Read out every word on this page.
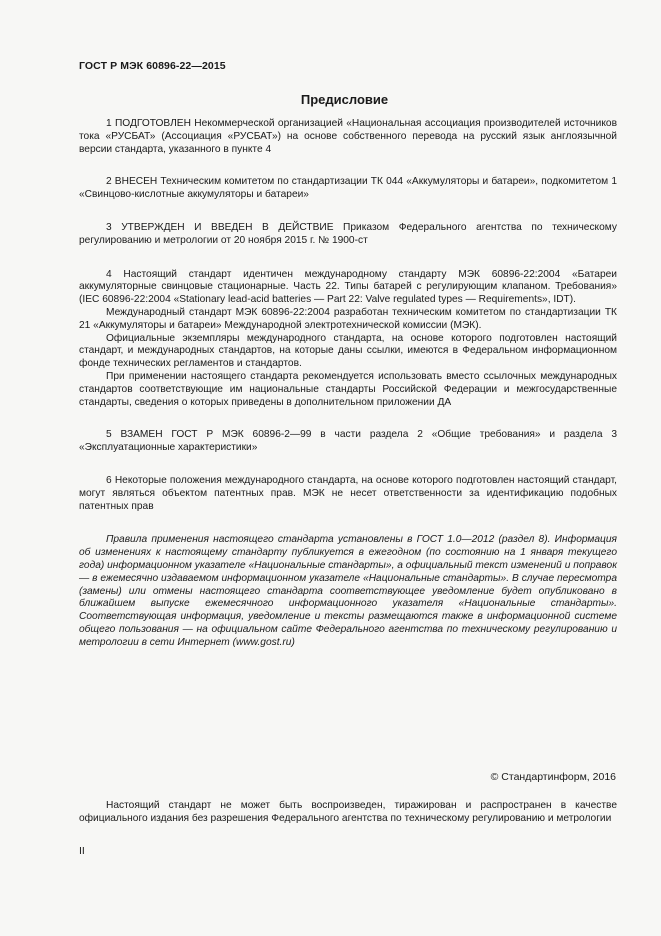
ГОСТ Р МЭК 60896-22—2015
Предисловие

1 ПОДГОТОВЛЕН Некоммерческой организацией «Национальная ассоциация производителей источников тока «РУСБАТ» (Ассоциация «РУСБАТ») на основе собственного перевода на русский язык англоязычной версии стандарта, указанного в пункте 4

2 ВНЕСЕН Техническим комитетом по стандартизации ТК 044 «Аккумуляторы и батареи», подкомитетом 1 «Свинцово-кислотные аккумуляторы и батареи»

3 УТВЕРЖДЕН И ВВЕДЕН В ДЕЙСТВИЕ Приказом Федерального агентства по техническому регулированию и метрологии от 20 ноября 2015 г. № 1900-ст

4 Настоящий стандарт идентичен международному стандарту МЭК 60896-22:2004 «Батареи аккумуляторные свинцовые стационарные. Часть 22. Типы батарей с регулирующим клапаном. Требования» (IEC 60896-22:2004 «Stationary lead-acid batteries — Part 22: Valve regulated types — Requirements», IDT).

Международный стандарт МЭК 60896-22:2004 разработан техническим комитетом по стандартизации ТК 21 «Аккумуляторы и батареи» Международной электротехнической комиссии (МЭК).

Официальные экземпляры международного стандарта, на основе которого подготовлен настоящий стандарт, и международных стандартов, на которые даны ссылки, имеются в Федеральном информационном фонде технических регламентов и стандартов.

При применении настоящего стандарта рекомендуется использовать вместо ссылочных международных стандартов соответствующие им национальные стандарты Российской Федерации и межгосударственные стандарты, сведения о которых приведены в дополнительном приложении ДА

5 ВЗАМЕН ГОСТ Р МЭК 60896-2—99 в части раздела 2 «Общие требования» и раздела 3 «Эксплуатационные характеристики»

6 Некоторые положения международного стандарта, на основе которого подготовлен настоящий стандарт, могут являться объектом патентных прав. МЭК не несет ответственности за идентификацию подобных патентных прав

Правила применения настоящего стандарта установлены в ГОСТ 1.0—2012 (раздел 8). Информация об изменениях к настоящему стандарту публикуется в ежегодном (по состоянию на 1 января текущего года) информационном указателе «Национальные стандарты», а официальный текст изменений и поправок — в ежемесячно издаваемом информационном указателе «Национальные стандарты». В случае пересмотра (замены) или отмены настоящего стандарта соответствующее уведомление будет опубликовано в ближайшем выпуске ежемесячного информационного указателя «Национальные стандарты». Соответствующая информация, уведомление и тексты размещаются также в информационной системе общего пользования — на официальном сайте Федерального агентства по техническому регулированию и метрологии в сети Интернет (www.gost.ru)

© Стандартинформ, 2016

Настоящий стандарт не может быть воспроизведен, тиражирован и распространен в качестве официального издания без разрешения Федерального агентства по техническому регулированию и метрологии

II
